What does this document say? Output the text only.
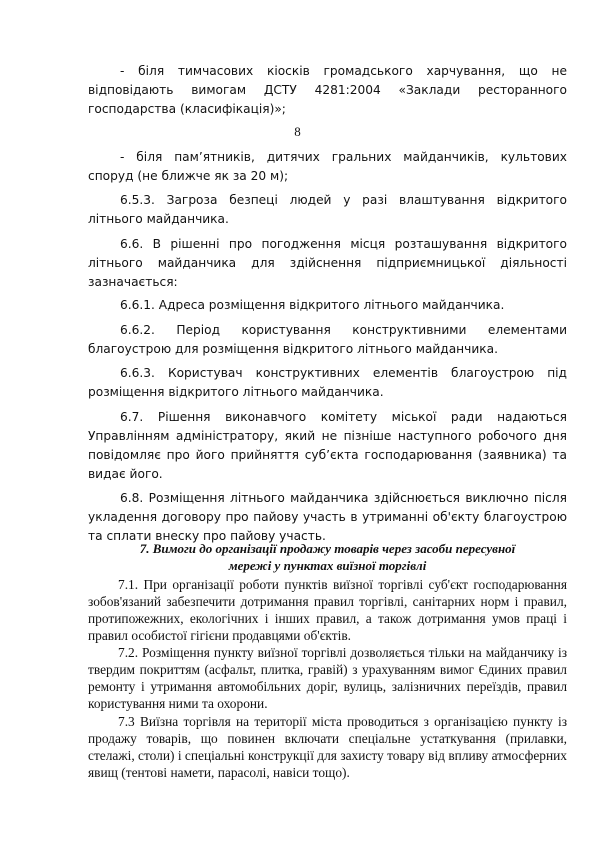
- біля тимчасових кіосків громадського харчування, що не

відповідають вимогам ДСТУ 4281:2004 «Заклади ресторанного господарства (класифікація)»;

8

- біля пам’ятників, дитячих гральних майданчиків, культових споруд (не ближче як за 20 м);

6.5.3. Загроза безпеці людей у разі влаштування відкритого літнього майданчика.

6.6. В рішенні про погодження місця розташування відкритого літнього майданчика для здійснення підприємницької діяльності зазначається:

6.6.1. Адреса розміщення відкритого літнього майданчика.

6.6.2. Період користування конструктивними елементами благоустрою для розміщення відкритого літнього майданчика.

6.6.3. Користувач конструктивних елементів благоустрою під розміщення відкритого літнього майданчика.

6.7. Рішення виконавчого комітету міської ради надаються Управлінням адміністратору, який не пізніше наступного робочого дня повідомляє про його прийняття суб’єкта господарювання (заявника) та видає його.

6.8. Розміщення літнього майданчика здійснюється виключно після укладення договору про пайову участь в утриманні об'єкту благоустрою та сплати внеску про пайову участь.

7. Вимоги до організації продажу товарів через засоби пересувної
мережі у пунктах виїзної торгівлі

7.1. При організації роботи пунктів виїзної торгівлі суб'єкт господарювання зобов'язаний забезпечити дотримання правил торгівлі, санітарних норм і правил, протипожежних, екологічних і інших правил, а також дотримання умов праці і правил особистої гігієни продавцями об'єктів.

7.2. Розміщення пункту виїзної торгівлі дозволяється тільки на майданчику із твердим покриттям (асфальт, плитка, гравій) з урахуванням вимог Єдиних правил ремонту і утримання автомобільних доріг, вулиць, залізничних переїздів, правил користування ними та охорони.

7.3 Виїзна торгівля на території міста проводиться з організацією пункту із продажу товарів, що повинен включати спеціальне устаткування (прилавки, стелажі, столи) і спеціальні конструкції для захисту товару від впливу атмосферних явищ (тентові намети, парасолі, навіси тощо).
